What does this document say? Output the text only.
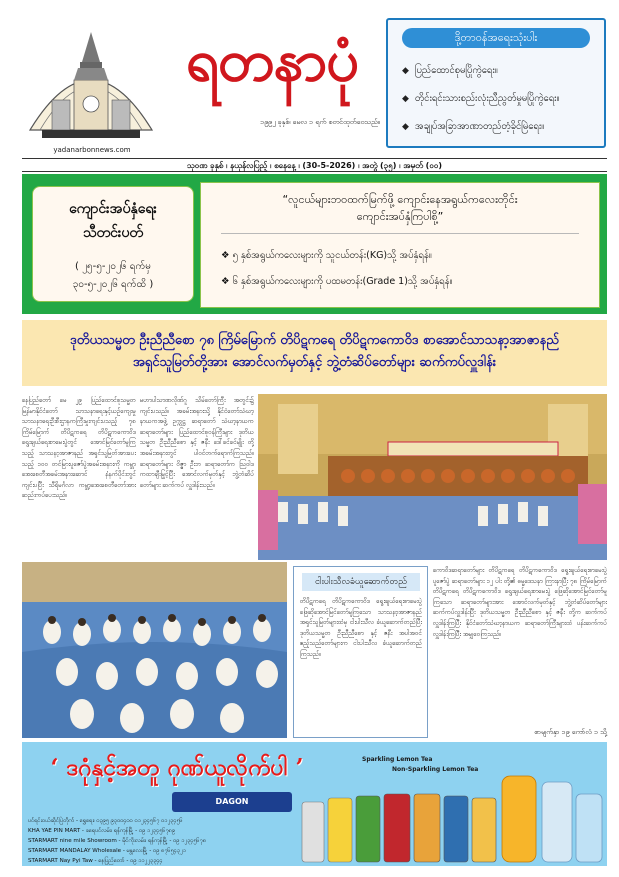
yadanarbonnews.com
ရတနာပုံ
၁၉၉၂ ခုနှစ်၊ မေလ ၁ ရက် စတင်ထုတ်ဝေသည်။
ဒို့တာဝန်အရေးသုံးပါး
◆ ပြည်ထောင်စုမပြိုကွဲရေး။
◆ တိုင်းရင်းသားစည်းလုံးညီညွတ်မှုမပြိုကွဲရေး။
◆ အချုပ်အခြာအာဏာတည်တံ့ခိုင်မြဲရေး။
သုဝဏ ခုနှစ် ၊ နယုန်လပြည့် ၊ စနေနေ့ ၊ (30-5-2026) ၊ အတွဲ (၃၅) ၊ အမှတ် (၀၀)
ကျောင်းအပ်နှံရေး
သီတင်းပတ်
( ၂၅-၅-၂၀၂၆ ရက်မှ
၃၀-၅-၂၀၂၆ ရက်ထိ )
“လူငယ်များဘဝထက်မြက်ဖို့ ကျောင်းနေအရွယ်ကလေးတိုင်း
ကျောင်းအပ်နှံကြပါစို့”
❖ ၅ နှစ်အရွယ်ကလေးများကို သူငယ်တန်း(KG)သို့ အပ်နှံရန်။
❖ ၆ နှစ်အရွယ်ကလေးများကို ပထမတန်း(Grade 1)သို့ အပ်နှံရန်။
ဒုတိယသမ္မတ ဦးညီညီစော ၇၈ ကြိမ်မြောက် တိပိဋကရေ တိပိဋကကောဝိဒ စာအောင်သာသနာ့အာဇာနည်
အရှင်သူမြတ်တို့အား အောင်လက်မှတ်နှင့် ဘွဲ့တံဆိပ်တော်များ ဆက်ကပ်လှူဒါန်း
နေပြည်တော် မေ ၂၉ ပြည်ထောင်စုသမ္မတမြန်မာနိုင်ငံတော် သာသနာရေးနှင့်ယဉ်ကျေးမှု သာသနာရေးဦးစီးဌာနကကြီးမှုးကျင်းပသည့် ၇၈ ကြိမ်မြောက် တိပိဋကရေ တိပိဋကကောဝိဒ ရွေးချယ်ရေးစာမေးပွဲတွင် အောင်မြင်တော်မူကြသည့် သာသနာ့အာဇာနည် အရှင်သူမြတ်အားပေးသည့် ၁၀၀ တင်မြားပူဇော်ပွဲအခမ်းအနားကို ကမ္ဘာအေးစေတီအခမ်းအနားဆောင် နံနက်ပိုင်းတွင် ကျင်းပပြီး သီရိမင်္ဂလာ ကမ္ဘာ့အေးစေတီတော်အား ဆည်းကပ်ပေးသည်။
မဟာပါသာဏလိုဏ်ဂူ သိမ်တော်ကြီး အတွင်း၌ ကျင်းပသည်။ အခမ်းအနားသို့ နိုင်ငံတော်သံဃာ့နာယကအဖွဲ့ ဥက္ကဋ္ဌ ဆရာတော် သံဃာ့နာယက ဆရာတော်များ ပြည်ထောင်စုဝန်ကြီးများ ဒုတိယသမ္မတ ဦးညီညီစော နှင့် ဇနီး ဒေါ်ခင်ခင်မျိုး တို့ အခမ်းအနားတွင် ပါဝင်တက်ရောက်ကြသည်။ ဆရာတော်များ ဝိဇ္ဇာ ဦးဘ ဆရာတော်က သြဝါဒ ကထာချီးမြှင့်ပြီး အောင်လက်မှတ်နှင့် ဘွဲ့တံဆိပ်တော်များ ဆက်ကပ် လှူဒါန်းသည်။
ငါးပါးသီလခံယူဆောက်တည်
တိပိဋကရေ တိပိဋကကောဝိဒ ရွေးချယ်ရေးစာမေးပွဲ ဖြေဆိုအောင်မြင်တော်မူကြသော သာသနာ့အာဇာနည် အရှင်သူမြတ်များထံမှ ငါးပါးသီလ ခံယူဆောက်တည်ပြီး ဒုတိယသမ္မတ ဦးညီညီစော နှင့် ဇနီး အပါအဝင် ဧည့်သည်တော်များက ငါးပါးသီလ ခံယူဆောက်တည်ကြသည်။
ကောဝိဒဆရာတော်များ တိပိဋကရေ တိပိဋကကောဝိဒ ရွေးချယ်ရေးစာမေးပွဲ ပူဇော်ပွဲ ဆရာတော်များ ၁၂ ပါး တို့၏ ဓမ္မဒေသနာ ကြားနာပြီး ၇၈ ကြိမ်မြောက် တိပိဋကရေ တိပိဋကကောဝိဒ ရွေးချယ်ရေးစာမေးပွဲ ဖြေဆိုအောင်မြင်တော်မူကြသော ဆရာတော်များအား အောင်လက်မှတ်နှင့် ဘွဲ့တံဆိပ်တော်များ ဆက်ကပ်လှူဒါန်းပြီး ဒုတိယသမ္မတ ဦးညီညီစော နှင့် ဇနီး တို့က ဆက်ကပ်လှူဒါန်းကြပြီး နိုင်ငံတော်သံဃာ့နာယက ဆရာတော်ကြီးများထံ ပန်းဆက်ကပ်လှူဒါန်းကြပြီး အမျှဝေကြသည်။
စာမျက်နှာ ၁၉ ကော်လံ ၁ သို့
‘ ဒဂုံနှင့်အတူ ဂုဏ်ယူလိုက်ပါ ’
DAGON
ပင်ရင်းဝယ်ဆိုင်ပြဲတိုက် - ရွှေရေး၊ ၀၃၉၅ ၉၃၀၀၄၀၀ ၀၁၂၃၄၅၆၇ ၀၁၂၃၄၅၆
KHA YAE PIN MART - ခရေပင်လမ်း၊ ရန်ကုန်မြို့ - ၀၉ ၁၂၃၄၅၆၇၈၉
STARMART nine mile Showroom - မိုင်ကိုးလမ်း၊ ရန်ကုန်မြို့ - ၀၉ ၁၂၃၄၅၆၇၈
STARMART MANDALAY Wholesale - မန္တလေးမြို့ - ၀၉ ၈၇၆၅၄၃၂၁
STARMART Nay Pyi Taw - နေပြည်တော် - ၀၉ ၁၁၂၂၃၃၄၄
Sparkling Lemon Tea
Non-Sparkling Lemon Tea
